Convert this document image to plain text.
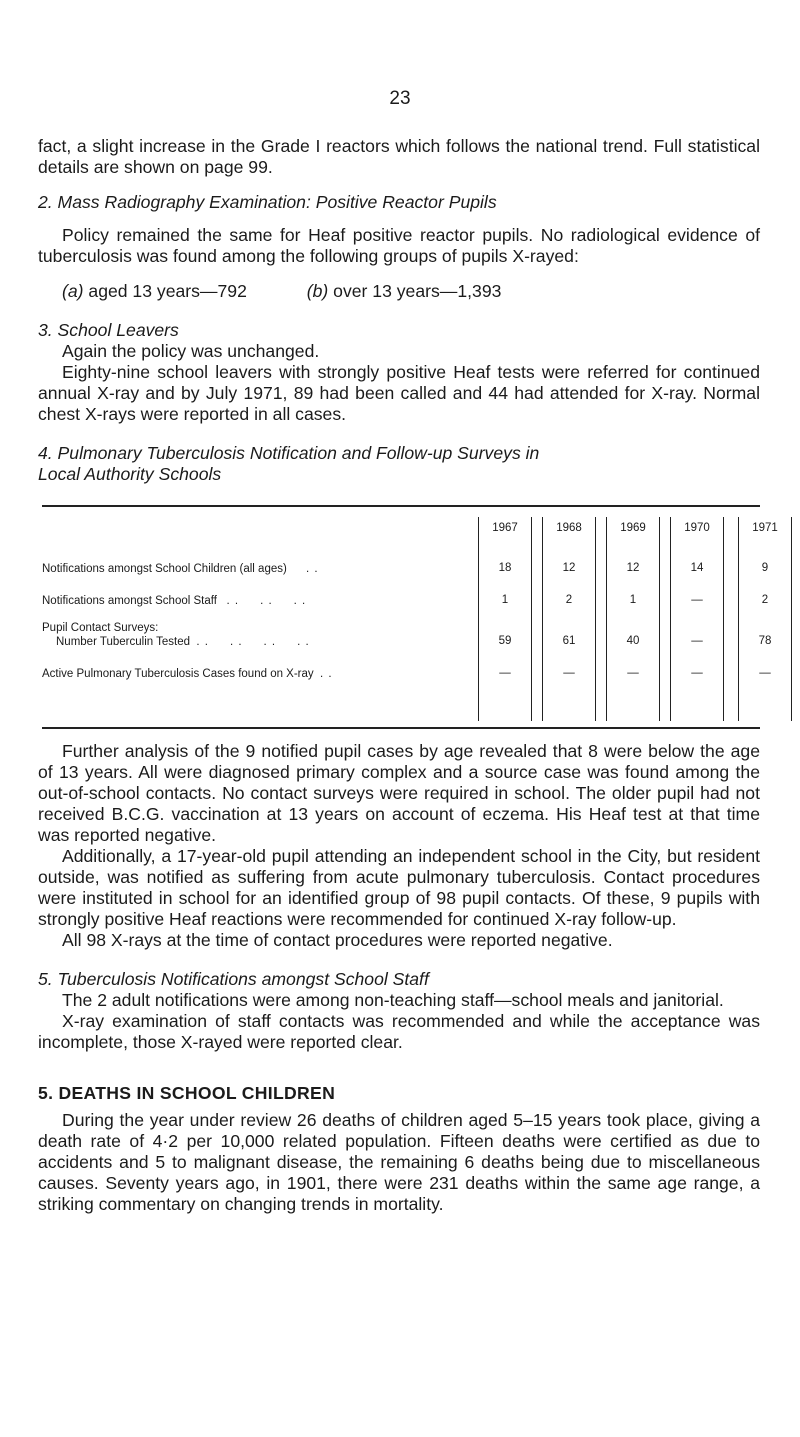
23

fact, a slight increase in the Grade I reactors which follows the national trend. Full statistical details are shown on page 99.

2. Mass Radiography Examination: Positive Reactor Pupils

Policy remained the same for Heaf positive reactor pupils. No radiological evidence of tuberculosis was found among the following groups of pupils X-rayed:

(a) aged 13 years—792	(b) over 13 years—1,393
3. School Leavers

Again the policy was unchanged.

Eighty-nine school leavers with strongly positive Heaf tests were referred for continued annual X-ray and by July 1971, 89 had been called and 44 had attended for X-ray. Normal chest X-rays were reported in all cases.

4. Pulmonary Tuberculosis Notification and Follow-up Surveys in
Local Authority Schools
1967	1968	1969	1970	1971
Notifications amongst School Children (all ages) . .	18	12	12	14	9
Notifications amongst School Staff . .     . .     . .	1	2	1	—	2
Pupil Contact Surveys:
Number Tuberculin Tested . .     . .     . .     . .	59	61	40	—	78
Active Pulmonary Tuberculosis Cases found on X-ray . .	—	—	—	—	—

Further analysis of the 9 notified pupil cases by age revealed that 8 were below the age of 13 years. All were diagnosed primary complex and a source case was found among the out-of-school contacts. No contact surveys were required in school. The older pupil had not received B.C.G. vaccination at 13 years on account of eczema. His Heaf test at that time was reported negative.

Additionally, a 17-year-old pupil attending an independent school in the City, but resident outside, was notified as suffering from acute pulmonary tuberculosis. Contact procedures were instituted in school for an identified group of 98 pupil contacts. Of these, 9 pupils with strongly positive Heaf reactions were recommended for continued X-ray follow-up.

All 98 X-rays at the time of contact procedures were reported negative.

5. Tuberculosis Notifications amongst School Staff

The 2 adult notifications were among non-teaching staff—school meals and janitorial.

X-ray examination of staff contacts was recommended and while the acceptance was incomplete, those X-rayed were reported clear.

5. DEATHS IN SCHOOL CHILDREN

During the year under review 26 deaths of children aged 5–15 years took place, giving a death rate of 4·2 per 10,000 related population. Fifteen deaths were certified as due to accidents and 5 to malignant disease, the remaining 6 deaths being due to miscellaneous causes. Seventy years ago, in 1901, there were 231 deaths within the same age range, a striking commentary on changing trends in mortality.
